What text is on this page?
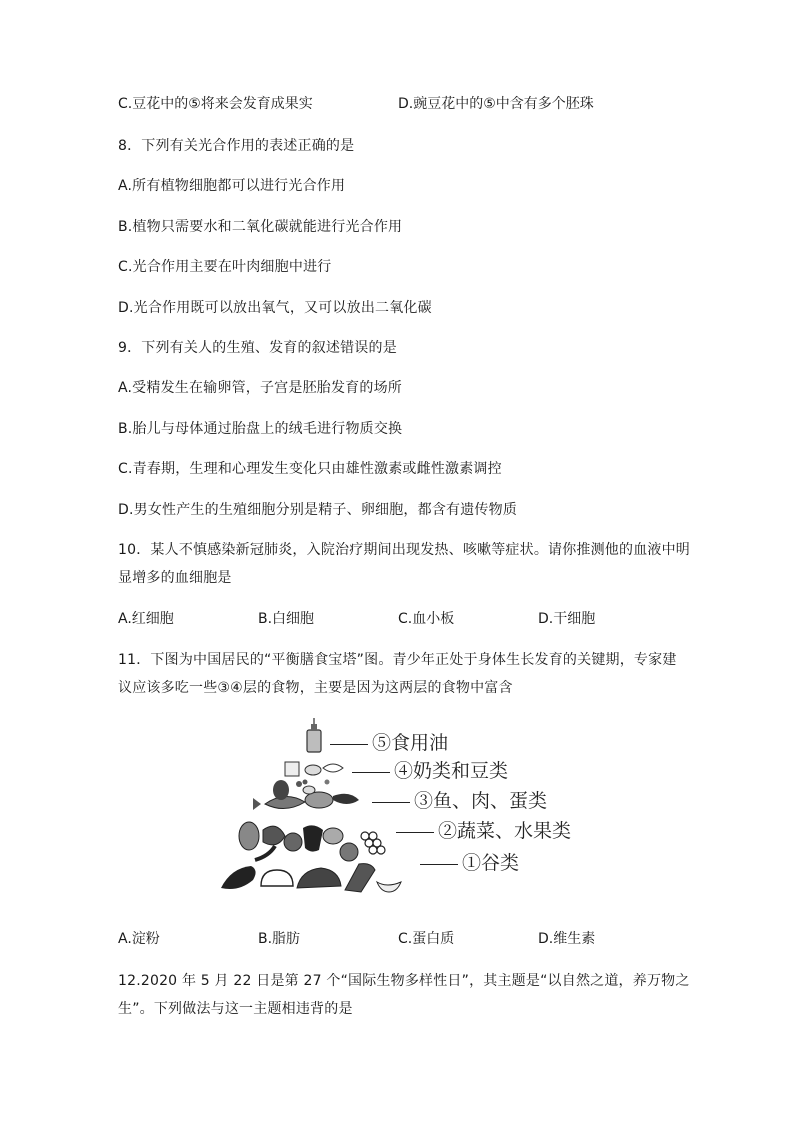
C.豆花中的⑤将来会发育成果实	D.豌豆花中的⑤中含有多个胚珠
8．下列有关光合作用的表述正确的是
A.所有植物细胞都可以进行光合作用
B.植物只需要水和二氧化碳就能进行光合作用
C.光合作用主要在叶肉细胞中进行
D.光合作用既可以放出氧气，又可以放出二氧化碳
9．下列有关人的生殖、发育的叙述错误的是
A.受精发生在输卵管，子宫是胚胎发育的场所
B.胎儿与母体通过胎盘上的绒毛进行物质交换
C.青春期，生理和心理发生变化只由雄性激素或雌性激素调控
D.男女性产生的生殖细胞分别是精子、卵细胞，都含有遗传物质
10．某人不慎感染新冠肺炎，入院治疗期间出现发热、咳嗽等症状。请你推测他的血液中明
显增多的血细胞是
A.红细胞	B.白细胞	C.血小板	D.干细胞
11．下图为中国居民的“平衡膳食宝塔”图。青少年正处于身体生长发育的关键期，专家建
议应该多吃一些③④层的食物，主要是因为这两层的食物中富含
⑤食用油
④奶类和豆类
③鱼、肉、蛋类
②蔬菜、水果类
①谷类
A.淀粉	B.脂肪	C.蛋白质	D.维生素
12.2020 年 5 月 22 日是第 27 个“国际生物多样性日”，其主题是“以自然之道，养万物之
生”。下列做法与这一主题相违背的是
